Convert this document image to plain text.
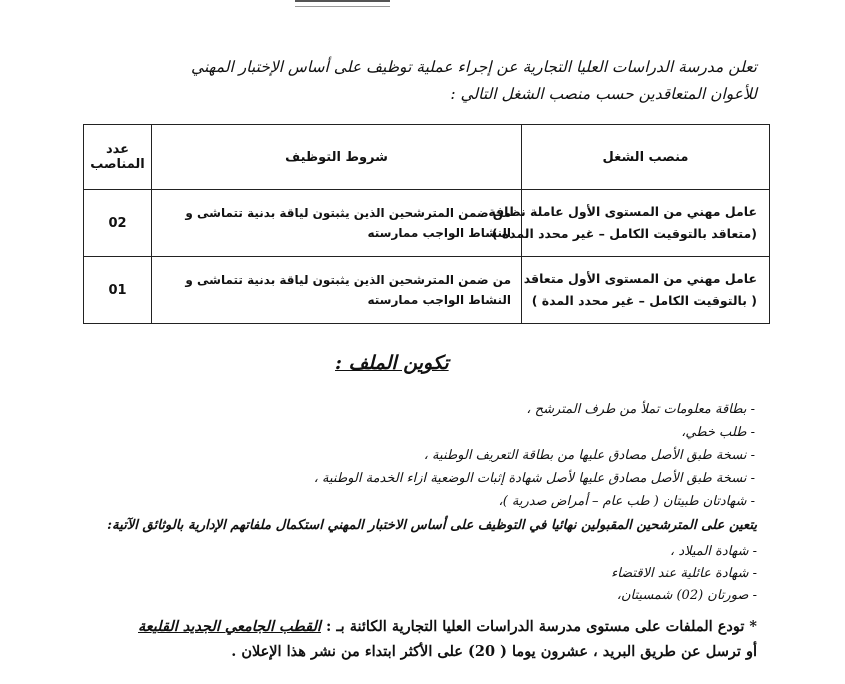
تعلن مدرسة الدراسات العليا التجارية عن إجراء عملية توظيف على أساس الإختبار المهني
للأعوان المتعاقدين حسب منصب الشغل التالي :
منصب الشغل	شروط التوظيف	عدد
المناصب

عامل مهني من المستوى الأول عاملة نظافة
(متعاقد بالتوقيت الكامل – غير محدد المدة )	من ضمن المترشحين الذين يثبتون لياقة بدنية تتماشى و النشاط الواجب ممارسته	02

عامل مهني من المستوى الأول متعاقد
( بالتوقيت الكامل – غير محدد المدة )	من ضمن المترشحين الذين يثبتون لياقة بدنية تتماشى و النشاط الواجب ممارسته	01
تكوين الملف :
- بطاقة معلومات تملأ من طرف المترشح ،
- طلب خطي،
- نسخة طبق الأصل مصادق عليها من بطاقة التعريف الوطنية ،
- نسخة طبق الأصل مصادق عليها لأصل شهادة إثبات الوضعية ازاء الخدمة الوطنية ،
- شهادتان طبيتان ( طب عام – أمراض صدرية )،
يتعين على المترشحين المقبولين نهائيا في التوظيف على أساس الاختبار المهني استكمال ملفاتهم الإدارية بالوثائق الآتية:
- شهادة الميلاد ،
- شهادة عائلية عند الاقتضاء
- صورتان (02) شمسيتان،
* تودع الملفات على مستوى مدرسة الدراسات العليا التجارية الكائنة بـ : القطب الجامعي الجديد القليعة
أو ترسل عن طريق البريد ، عشرون يوما ( 20) على الأكثر ابتداء من نشر هذا الإعلان .
